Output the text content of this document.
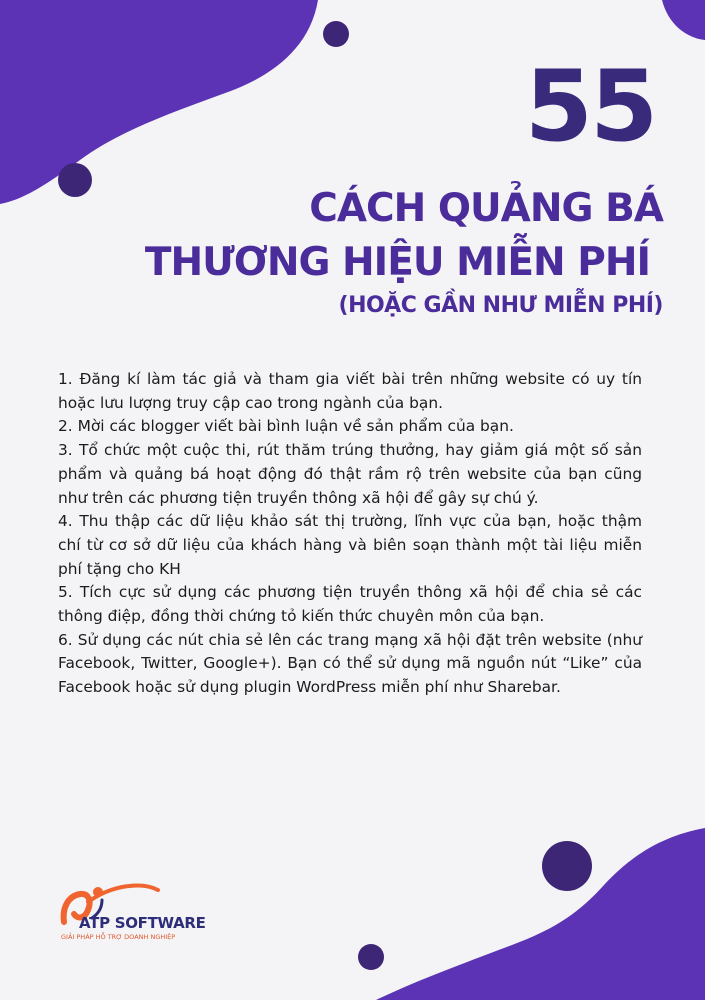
55
CÁCH QUẢNG BÁ
THƯƠNG HIỆU MIỄN PHÍ
(HOẶC GẦN NHƯ MIỄN PHÍ)

1. Đăng kí làm tác giả và tham gia viết bài trên những website có uy tín hoặc lưu lượng truy cập cao trong ngành của bạn.

2. Mời các blogger viết bài bình luận về sản phẩm của bạn.

3. Tổ chức một cuộc thi, rút thăm trúng thưởng, hay giảm giá một số sản phẩm và quảng bá hoạt động đó thật rầm rộ trên website của bạn cũng như trên các phương tiện truyền thông xã hội để gây sự chú ý.

4. Thu thập các dữ liệu khảo sát thị trường, lĩnh vực của bạn, hoặc thậm chí từ cơ sở dữ liệu của khách hàng và biên soạn thành một tài liệu miễn phí tặng cho KH

5. Tích cực sử dụng các phương tiện truyền thông xã hội để chia sẻ các thông điệp, đồng thời chứng tỏ kiến thức chuyên môn của bạn.

6. Sử dụng các nút chia sẻ lên các trang mạng xã hội đặt trên website (như Facebook, Twitter, Google+). Bạn có thể sử dụng mã nguồn nút “Like” của Facebook hoặc sử dụng plugin WordPress miễn phí như Sharebar.

ATP SOFTWARE
GIẢI PHÁP HỖ TRỢ DOANH NGHIỆP
